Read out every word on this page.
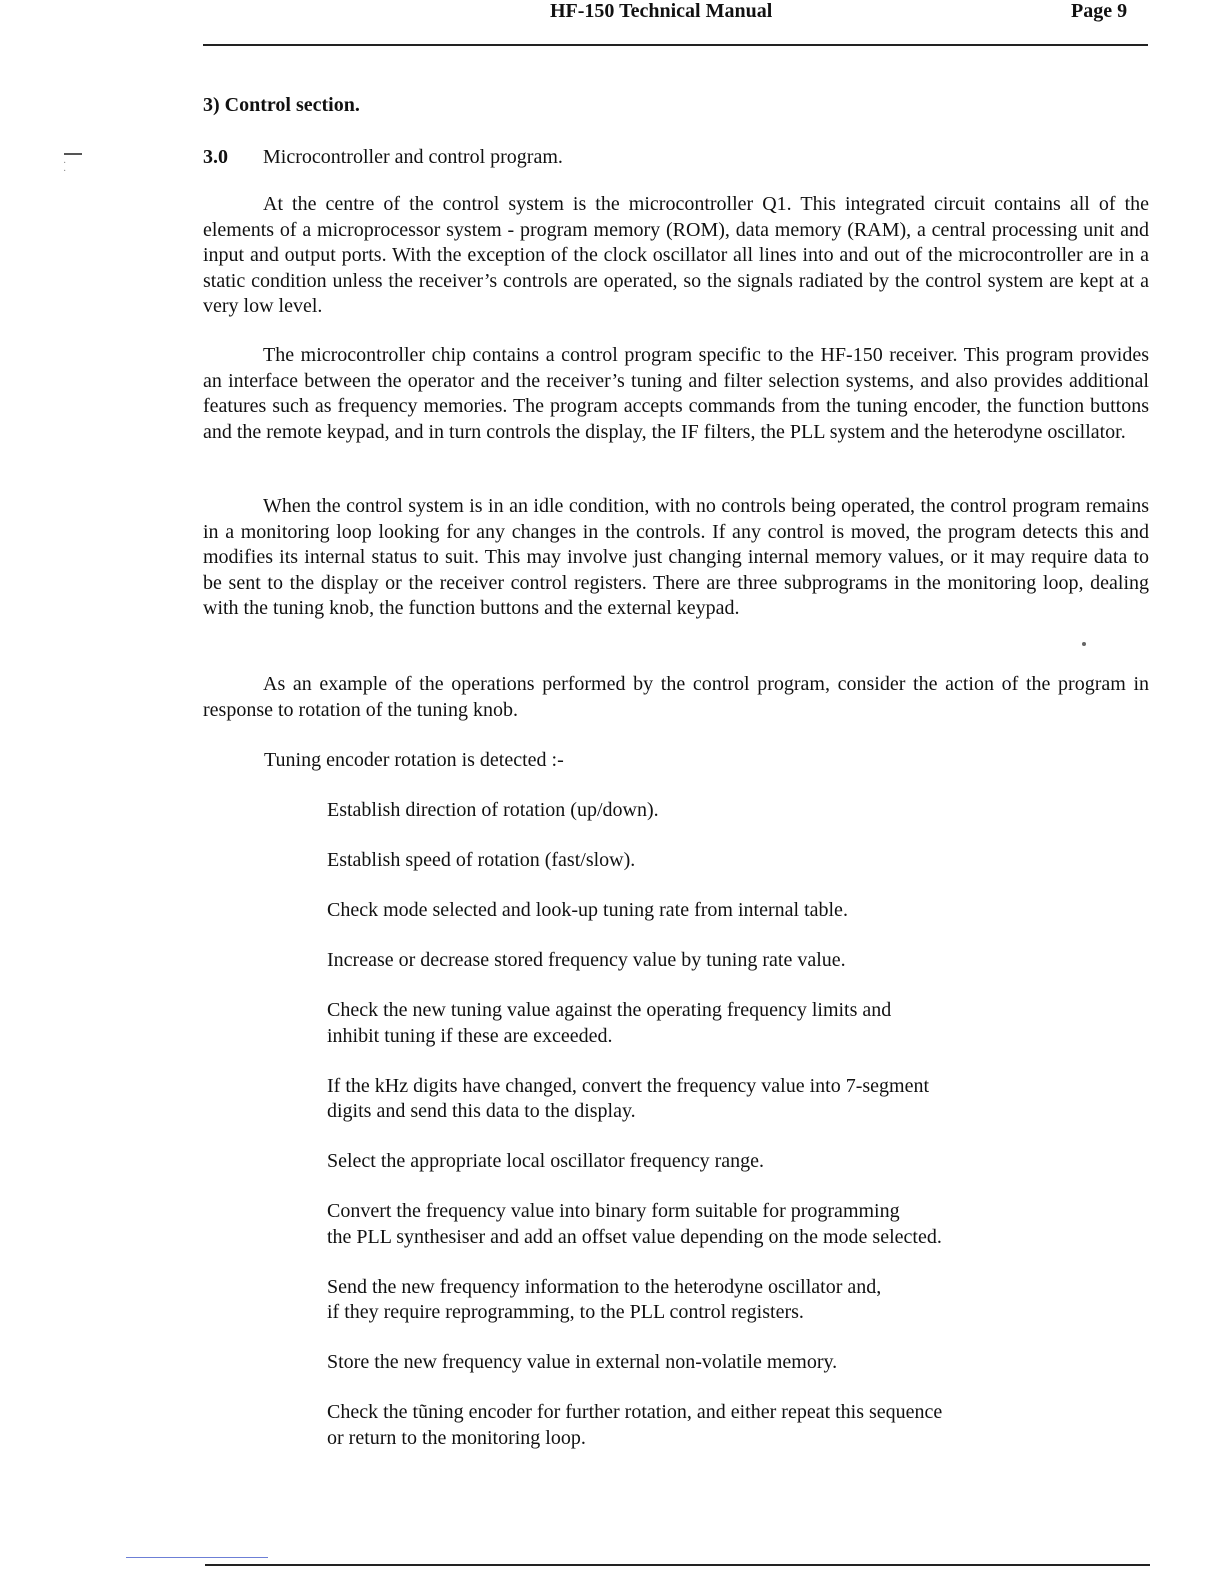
HF-150 Technical Manual	Page 9
·
·
3) Control section.
3.0 Microcontroller and control program.

At the centre of the control system is the microcontroller Q1. This integrated circuit contains all of the elements of a microprocessor system - program memory (ROM), data memory (RAM), a central processing unit and input and output ports. With the exception of the clock oscillator all lines into and out of the microcontroller are in a static condition unless the receiver’s controls are operated, so the signals radiated by the control system are kept at a very low level.

The microcontroller chip contains a control program specific to the HF-150 receiver. This program provides an interface between the operator and the receiver’s tuning and filter selection systems, and also provides additional features such as frequency memories. The program accepts commands from the tuning encoder, the function buttons and the remote keypad, and in turn controls the display, the IF filters, the PLL system and the heterodyne oscillator.

When the control system is in an idle condition, with no controls being operated, the control program remains in a monitoring loop looking for any changes in the controls. If any control is moved, the program detects this and modifies its internal status to suit. This may involve just changing internal memory values, or it may require data to be sent to the display or the receiver control registers. There are three subprograms in the monitoring loop, dealing with the tuning knob, the function buttons and the external keypad.

As an example of the operations performed by the control program, consider the action of the program in response to rotation of the tuning knob.

Tuning encoder rotation is detected :-
Establish direction of rotation (up/down).
Establish speed of rotation (fast/slow).
Check mode selected and look-up tuning rate from internal table.
Increase or decrease stored frequency value by tuning rate value.
Check the new tuning value against the operating frequency limits and
inhibit tuning if these are exceeded.
If the kHz digits have changed, convert the frequency value into 7-segment
digits and send this data to the display.
Select the appropriate local oscillator frequency range.
Convert the frequency value into binary form suitable for programming
the PLL synthesiser and add an offset value depending on the mode selected.
Send the new frequency information to the heterodyne oscillator and,
if they require reprogramming, to the PLL control registers.
Store the new frequency value in external non-volatile memory.
Check the tũning encoder for further rotation, and either repeat this sequence
or return to the monitoring loop.
